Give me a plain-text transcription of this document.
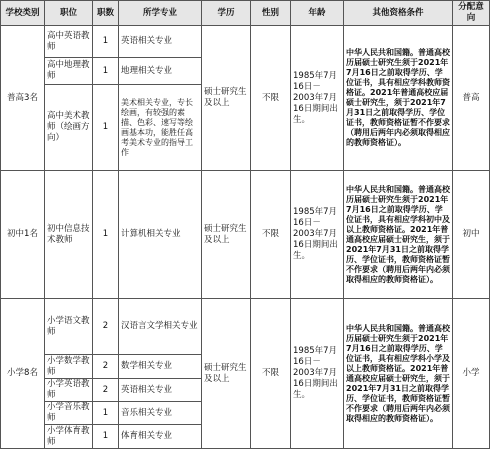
学校类别	职位	职数	所学专业	学历	性别	年龄	其他资格条件	分配意向
普高3名	高中英语教师	1	英语相关专业	硕士研究生及以上	不限	1985年7月16日－2003年7月16日期间出生。	中华人民共和国籍。普通高校历届硕士研究生须于2021年7月16日之前取得学历、学位证书，具有相应学科教师资格证。2021年普通高校应届硕士研究生，须于2021年7月31日之前取得学历、学位证书，教师资格证暂不作要求（聘用后两年内必须取得相应的教师资格证）。	普高
	高中地理教师	1	地理相关专业					
	高中美术教师（绘画方向）	1	美术相关专业，专长绘画，有较强的素描、色彩、速写等绘画基本功，能胜任高考美术专业的指导工作					
初中1名	初中信息技术教师	1	计算机相关专业	硕士研究生及以上	不限	1985年7月16日－2003年7月16日期间出生。	中华人民共和国籍。普通高校历届硕士研究生须于2021年7月16日之前取得学历、学位证书，具有相应学科初中及以上教师资格证。2021年普通高校应届硕士研究生，须于2021年7月31日之前取得学历、学位证书，教师资格证暂不作要求（聘用后两年内必须取得相应的教师资格证）。	初中
小学8名	小学语文教师	2	汉语言文学相关专业	硕士研究生及以上	不限	1985年7月16日－2003年7月16日期间出生。	中华人民共和国籍。普通高校历届硕士研究生须于2021年7月16日之前取得学历、学位证书，具有相应学科小学及以上教师资格证。2021年普通高校应届硕士研究生，须于2021年7月31日之前取得学历、学位证书，教师资格证暂不作要求（聘用后两年内必须取得相应的教师资格证）。	小学
	小学数学教师	2	数学相关专业					
	小学英语教师	2	英语相关专业					
	小学音乐教师	1	音乐相关专业					
	小学体育教师	1	体育相关专业					
